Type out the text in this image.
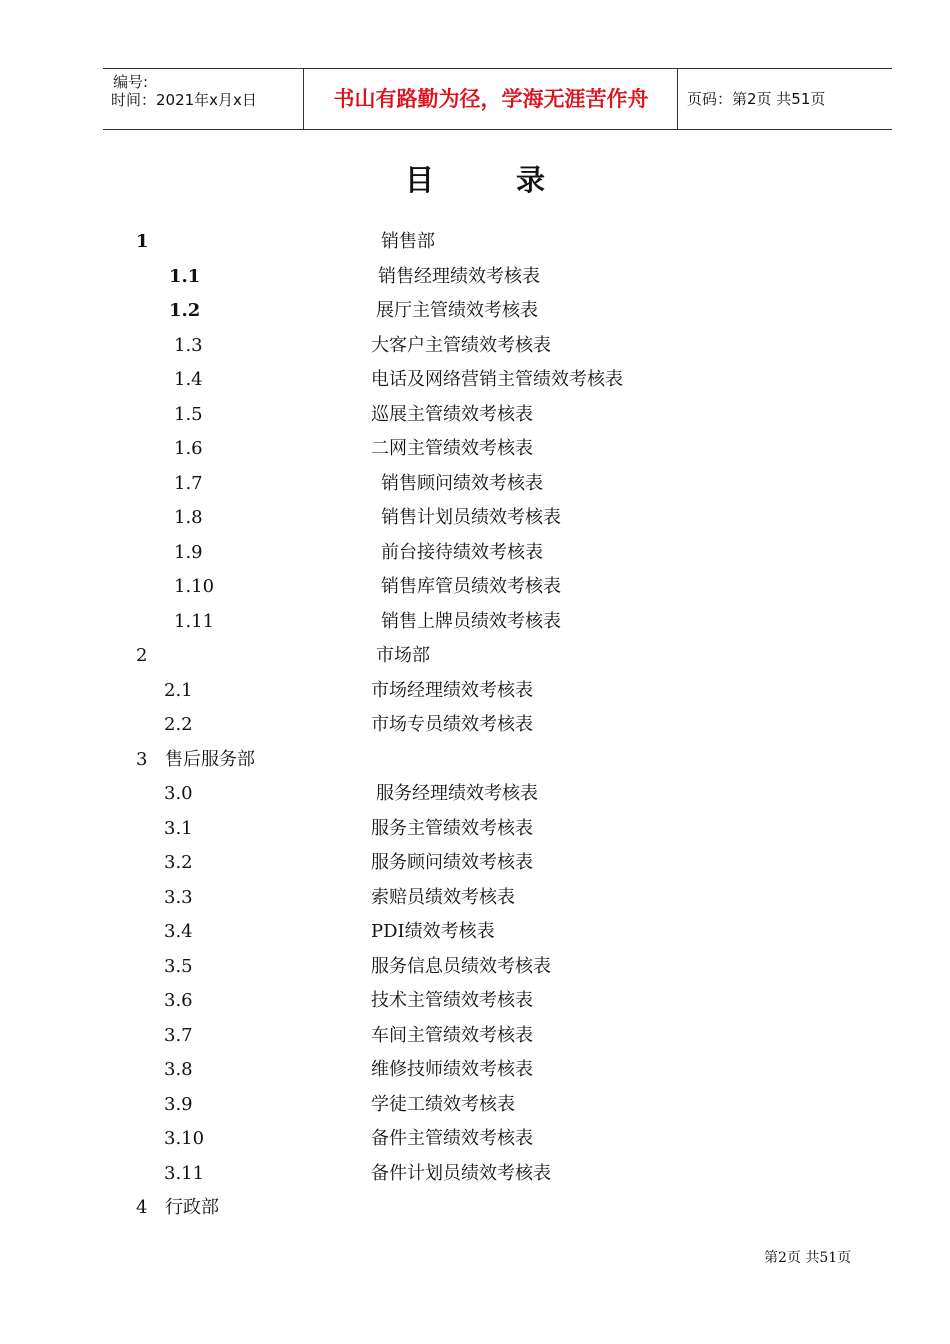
编号:
时间：2021年x月x日	书山有路勤为径，学海无涯苦作舟	页码：第2页 共51页
目 录
1	销售部
1.1	销售经理绩效考核表
1.2	展厅主管绩效考核表
1.3	大客户主管绩效考核表
1.4	电话及网络营销主管绩效考核表
1.5	巡展主管绩效考核表
1.6	二网主管绩效考核表
1.7	销售顾问绩效考核表
1.8	销售计划员绩效考核表
1.9	前台接待绩效考核表
1.10	销售库管员绩效考核表
1.11	销售上牌员绩效考核表
2	市场部
2.1	市场经理绩效考核表
2.2	市场专员绩效考核表
3 售后服务部
3.0	服务经理绩效考核表
3.1	服务主管绩效考核表
3.2	服务顾问绩效考核表
3.3	索赔员绩效考核表
3.4	PDI绩效考核表
3.5	服务信息员绩效考核表
3.6	技术主管绩效考核表
3.7	车间主管绩效考核表
3.8	维修技师绩效考核表
3.9	学徒工绩效考核表
3.10	备件主管绩效考核表
3.11	备件计划员绩效考核表
4 行政部
第2页 共51页
